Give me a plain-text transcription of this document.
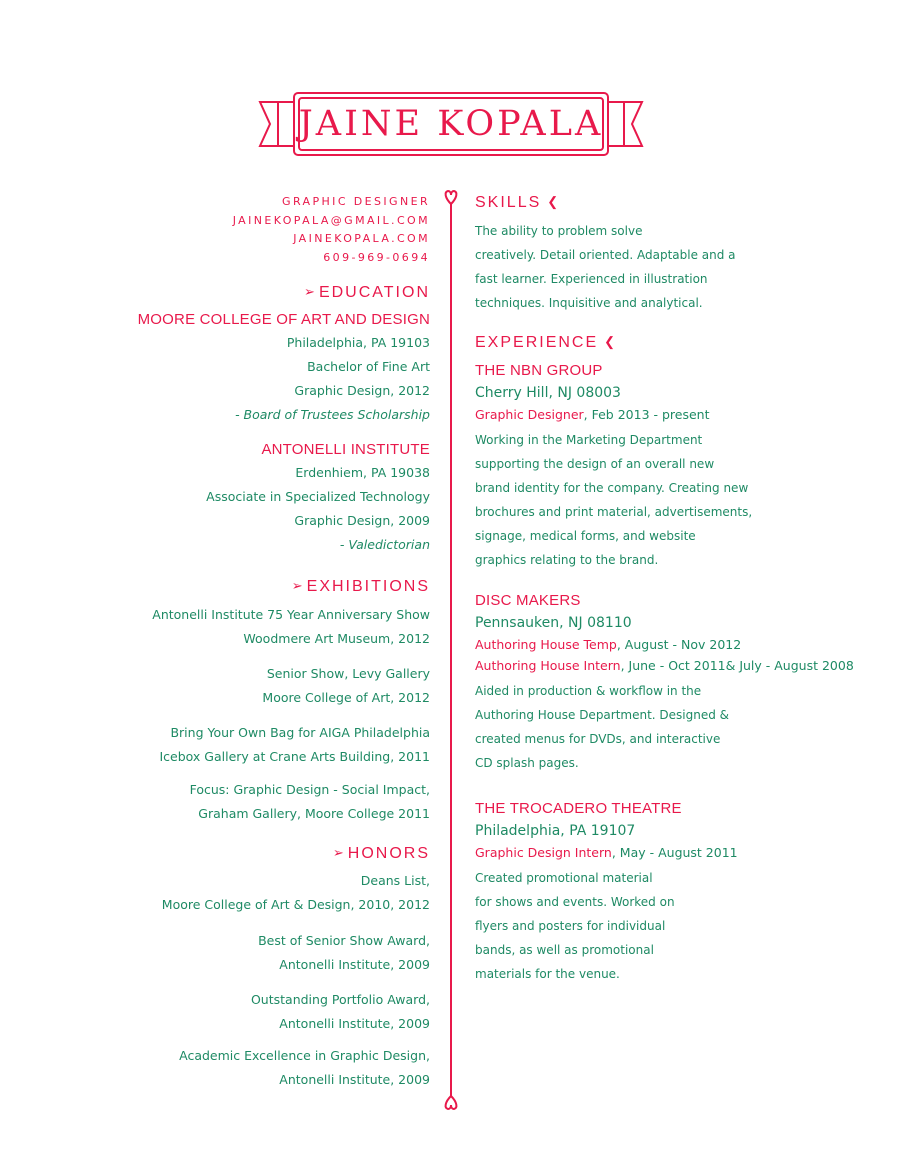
JAINE KOPALA
GRAPHIC DESIGNER
JAINEKOPALA@GMAIL.COM
JAINEKOPALA.COM
609-969-0694
➢ EDUCATION
MOORE COLLEGE OF ART AND DESIGN
Philadelphia, PA 19103
Bachelor of Fine Art
Graphic Design, 2012
- Board of Trustees Scholarship
ANTONELLI INSTITUTE
Erdenhiem, PA 19038
Associate in Specialized Technology
Graphic Design, 2009
- Valedictorian
➢ EXHIBITIONS
Antonelli Institute 75 Year Anniversary Show
Woodmere Art Museum, 2012
Senior Show, Levy Gallery
Moore College of Art, 2012
Bring Your Own Bag for AIGA Philadelphia
Icebox Gallery at Crane Arts Building, 2011
Focus: Graphic Design - Social Impact,
Graham Gallery, Moore College 2011
➢ HONORS
Deans List,
Moore College of Art & Design, 2010, 2012
Best of Senior Show Award,
Antonelli Institute, 2009
Outstanding Portfolio Award,
Antonelli Institute, 2009
Academic Excellence in Graphic Design,
Antonelli Institute, 2009
SKILLS ❮
The ability to problem solve
creatively. Detail oriented. Adaptable and a
fast learner. Experienced in illustration
techniques. Inquisitive and analytical.
EXPERIENCE ❮
THE NBN GROUP
Cherry Hill, NJ 08003
Graphic Designer, Feb 2013 - present
Working in the Marketing Department
supporting the design of an overall new
brand identity for the company. Creating new
brochures and print material, advertisements,
signage, medical forms, and website
graphics relating to the brand.
DISC MAKERS
Pennsauken, NJ 08110
Authoring House Temp, August - Nov 2012
Authoring House Intern, June - Oct 2011& July - August 2008
Aided in production & workflow in the
Authoring House Department. Designed &
created menus for DVDs, and interactive
CD splash pages.
THE TROCADERO THEATRE
Philadelphia, PA 19107
Graphic Design Intern, May - August 2011
Created promotional material
for shows and events. Worked on
flyers and posters for individual
bands, as well as promotional
materials for the venue.
